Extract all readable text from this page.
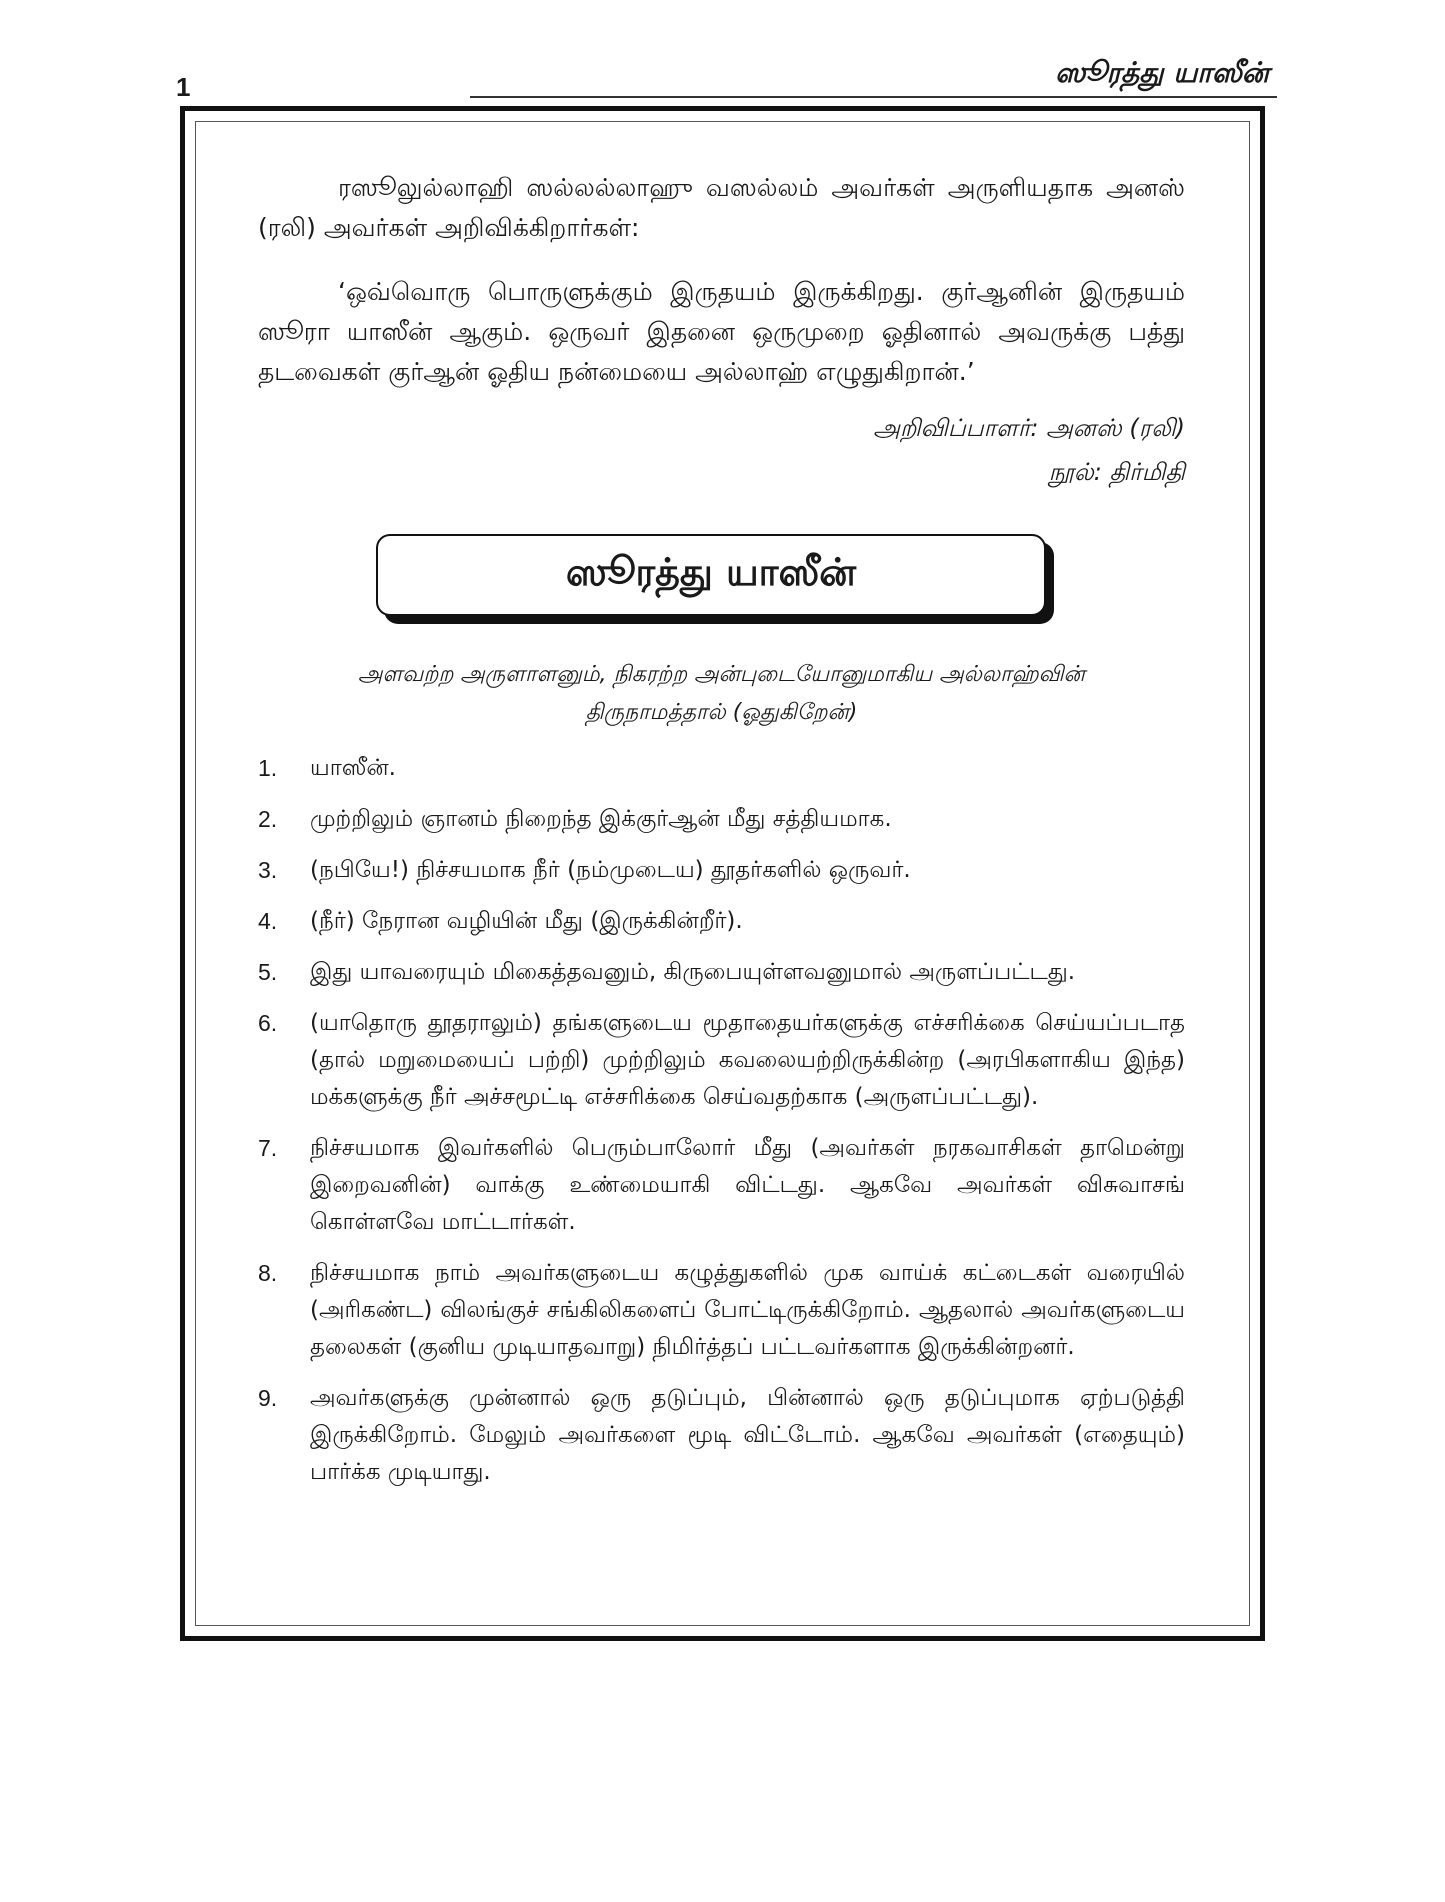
1	ஸூரத்து யாஸீன்

ரஸூலுல்லாஹி ஸல்லல்லாஹு வஸல்லம் அவர்கள் அருளியதாக அனஸ் (ரலி) அவர்கள் அறிவிக்கிறார்கள்:

‘ஒவ்வொரு பொருளுக்கும் இருதயம் இருக்கிறது. குர்ஆனின் இருதயம் ஸூரா யாஸீன் ஆகும். ஒருவர் இதனை ஒருமுறை ஓதினால் அவருக்கு பத்து தடவைகள் குர்ஆன் ஓதிய நன்மையை அல்லாஹ் எழுதுகிறான்.’

அறிவிப்பாளர்: அனஸ் (ரலி)
நூல்: திர்மிதி
ஸூரத்து யாஸீன்
அளவற்ற அருளாளனும், நிகரற்ற அன்புடையோனுமாகிய அல்லாஹ்வின்
திருநாமத்தால் (ஓதுகிறேன்)
1.	யாஸீன்.
2.	முற்றிலும் ஞானம் நிறைந்த இக்குர்ஆன் மீது சத்தியமாக.
3.	(நபியே!) நிச்சயமாக நீர் (நம்முடைய) தூதர்களில் ஒருவர்.
4.	(நீர்) நேரான வழியின் மீது (இருக்கின்றீர்).
5.	இது யாவரையும் மிகைத்தவனும், கிருபையுள்ளவனுமால் அருளப்பட்டது.
6.	(யாதொரு தூதராலும்) தங்களுடைய மூதாதையர்களுக்கு எச்சரிக்கை செய்யப்படாத (தால் மறுமையைப் பற்றி) முற்றிலும் கவலையற்றிருக்கின்ற (அரபிகளாகிய இந்த) மக்களுக்கு நீர் அச்சமூட்டி எச்சரிக்கை செய்வதற்காக (அருளப்பட்டது).
7.	நிச்சயமாக இவர்களில் பெரும்பாலோர் மீது (அவர்கள் நரகவாசிகள் தாமென்று இறைவனின்) வாக்கு உண்மையாகி விட்டது. ஆகவே அவர்கள் விசுவாசங் கொள்ளவே மாட்டார்கள்.
8.	நிச்சயமாக நாம் அவர்களுடைய கழுத்துகளில் முக வாய்க் கட்டைகள் வரையில் (அரிகண்ட) விலங்குச் சங்கிலிகளைப் போட்டிருக்கிறோம். ஆதலால் அவர்களுடைய தலைகள் (குனிய முடியாதவாறு) நிமிர்த்தப் பட்டவர்களாக இருக்கின்றனர்.
9.	அவர்களுக்கு முன்னால் ஒரு தடுப்பும், பின்னால் ஒரு தடுப்புமாக ஏற்படுத்தி இருக்கிறோம். மேலும் அவர்களை மூடி விட்டோம். ஆகவே அவர்கள் (எதையும்) பார்க்க முடியாது.
